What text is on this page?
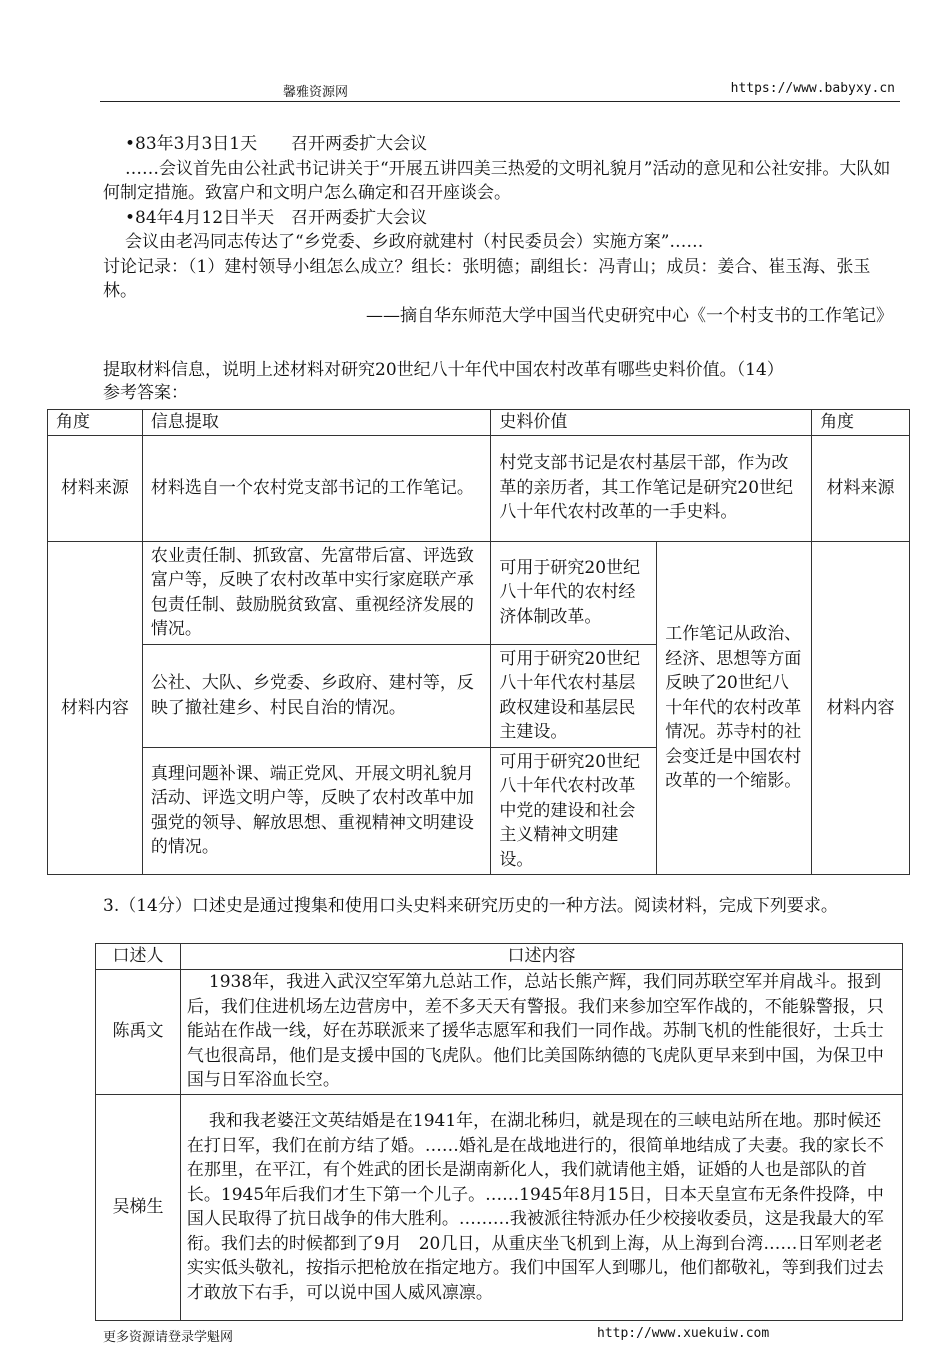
馨雅资源网	https://www.babyxy.cn
•83年3月3日1天　　召开两委扩大会议
……会议首先由公社武书记讲关于“开展五讲四美三热爱的文明礼貌月”活动的意见和公社安排。大队如何制定措施。致富户和文明户怎么确定和召开座谈会。
•84年4月12日半天　召开两委扩大会议
会议由老冯同志传达了“乡党委、乡政府就建村（村民委员会）实施方案”……
讨论记录：（1）建村领导小组怎么成立？组长：张明德；副组长：冯青山；成员：姜合、崔玉海、张玉林。
——摘自华东师范大学中国当代史研究中心《一个村支书的工作笔记》
提取材料信息，说明上述材料对研究20世纪八十年代中国农村改革有哪些史料价值。（14）
参考答案：
角度	信息提取	史料价值		角度
材料来源	材料选自一个农村党支部书记的工作笔记。	村党支部书记是农村基层干部，作为改革的亲历者，其工作笔记是研究20世纪八十年代农村改革的一手史料。		材料来源
材料内容	农业责任制、抓致富、先富带后富、评选致富户等，反映了农村改革中实行家庭联产承包责任制、鼓励脱贫致富、重视经济发展的情况。	可用于研究20世纪八十年代的农村经济体制改革。	工作笔记从政治、经济、思想等方面反映了20世纪八十年代的农村改革情况。苏寺村的社会变迁是中国农村改革的一个缩影。	材料内容
	公社、大队、乡党委、乡政府、建村等，反映了撤社建乡、村民自治的情况。	可用于研究20世纪八十年代农村基层政权建设和基层民主建设。		
	真理问题补课、端正党风、开展文明礼貌月活动、评选文明户等，反映了农村改革中加强党的领导、解放思想、重视精神文明建设的情况。	可用于研究20世纪八十年代农村改革中党的建设和社会主义精神文明建设。		
3.（14分）口述史是通过搜集和使用口头史料来研究历史的一种方法。阅读材料，完成下列要求。
口述人	口述内容
陈禹文	1938年，我进入武汉空军第九总站工作，总站长熊产辉，我们同苏联空军并肩战斗。报到后，我们住进机场左边营房中，差不多天天有警报。我们来参加空军作战的，不能躲警报，只能站在作战一线，好在苏联派来了援华志愿军和我们一同作战。苏制飞机的性能很好，士兵士气也很高昂，他们是支援中国的飞虎队。他们比美国陈纳德的飞虎队更早来到中国，为保卫中国与日军浴血长空。
吴梯生	我和我老婆汪文英结婚是在1941年，在湖北秭归，就是现在的三峡电站所在地。那时候还在打日军，我们在前方结了婚。……婚礼是在战地进行的，很简单地结成了夫妻。我的家长不在那里，在平江，有个姓武的团长是湖南新化人，我们就请他主婚，证婚的人也是部队的首长。1945年后我们才生下第一个儿子。……1945年8月15日，日本天皇宣布无条件投降，中国人民取得了抗日战争的伟大胜利。………我被派往特派办任少校接收委员，这是我最大的军衔。我们去的时候都到了9月　20几日，从重庆坐飞机到上海，从上海到台湾……日军则老老实实低头敬礼，按指示把枪放在指定地方。我们中国军人到哪儿，他们都敬礼，等到我们过去才敢放下右手，可以说中国人威风凛凛。
更多资源请登录学魁网	http://www.xuekuiw.com
